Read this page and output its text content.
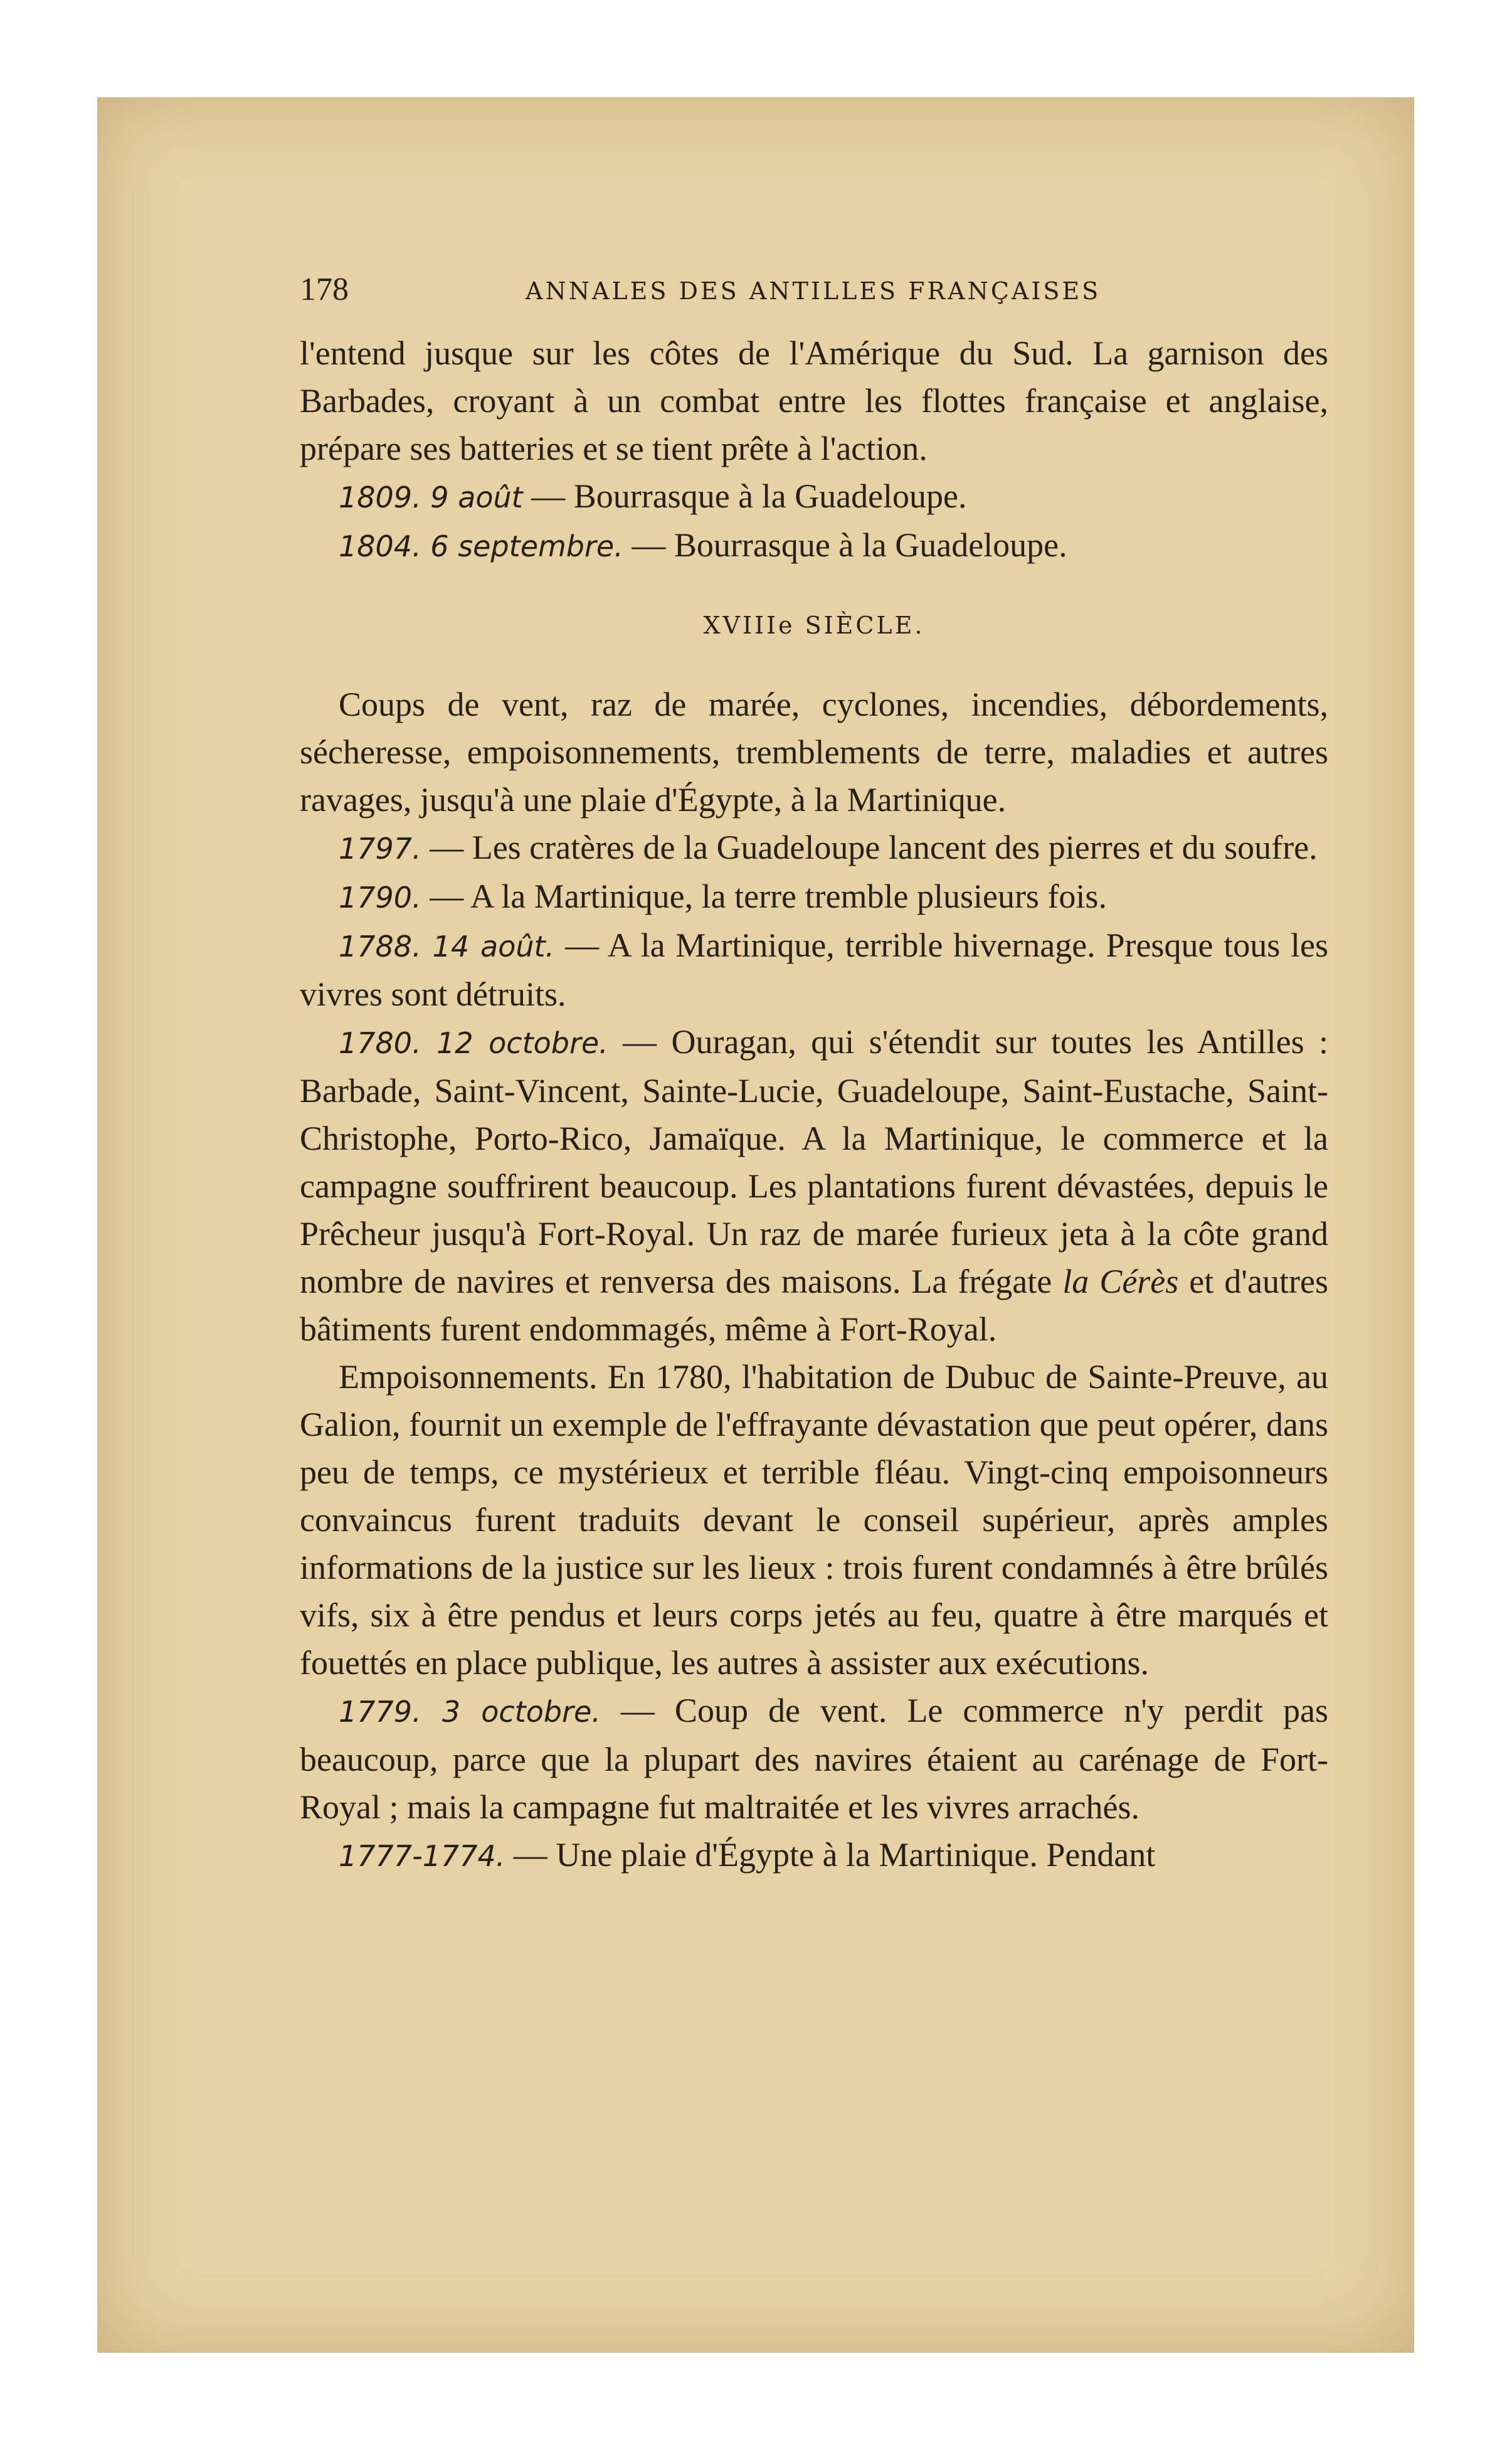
178	ANNALES DES ANTILLES FRANÇAISES

l'entend jusque sur les côtes de l'Amérique du Sud. La garnison des Barbades, croyant à un combat entre les flottes française et anglaise, prépare ses batteries et se tient prête à l'action.

1809. 9 août — Bourrasque à la Guadeloupe.

1804. 6 septembre. — Bourrasque à la Guadeloupe.

XVIIIe SIÈCLE.

Coups de vent, raz de marée, cyclones, incendies, débordements, sécheresse, empoisonnements, tremblements de terre, maladies et autres ravages, jusqu'à une plaie d'Égypte, à la Martinique.

1797. — Les cratères de la Guadeloupe lancent des pierres et du soufre.

1790. — A la Martinique, la terre tremble plusieurs fois.

1788. 14 août. — A la Martinique, terrible hivernage. Presque tous les vivres sont détruits.

1780. 12 octobre. — Ouragan, qui s'étendit sur toutes les Antilles : Barbade, Saint-Vincent, Sainte-Lucie, Guadeloupe, Saint-Eustache, Saint-Christophe, Porto-Rico, Jamaïque. A la Martinique, le commerce et la campagne souffrirent beaucoup. Les plantations furent dévastées, depuis le Prêcheur jusqu'à Fort-Royal. Un raz de marée furieux jeta à la côte grand nombre de navires et renversa des maisons. La frégate la Cérès et d'autres bâtiments furent endommagés, même à Fort-Royal.

Empoisonnements. En 1780, l'habitation de Dubuc de Sainte-Preuve, au Galion, fournit un exemple de l'effrayante dévastation que peut opérer, dans peu de temps, ce mystérieux et terrible fléau. Vingt-cinq empoisonneurs convaincus furent traduits devant le conseil supérieur, après amples informations de la justice sur les lieux : trois furent condamnés à être brûlés vifs, six à être pendus et leurs corps jetés au feu, quatre à être marqués et fouettés en place publique, les autres à assister aux exécutions.

1779. 3 octobre. — Coup de vent. Le commerce n'y perdit pas beaucoup, parce que la plupart des navires étaient au carénage de Fort-Royal ; mais la campagne fut maltraitée et les vivres arrachés.

1777-1774. — Une plaie d'Égypte à la Martinique. Pendant
